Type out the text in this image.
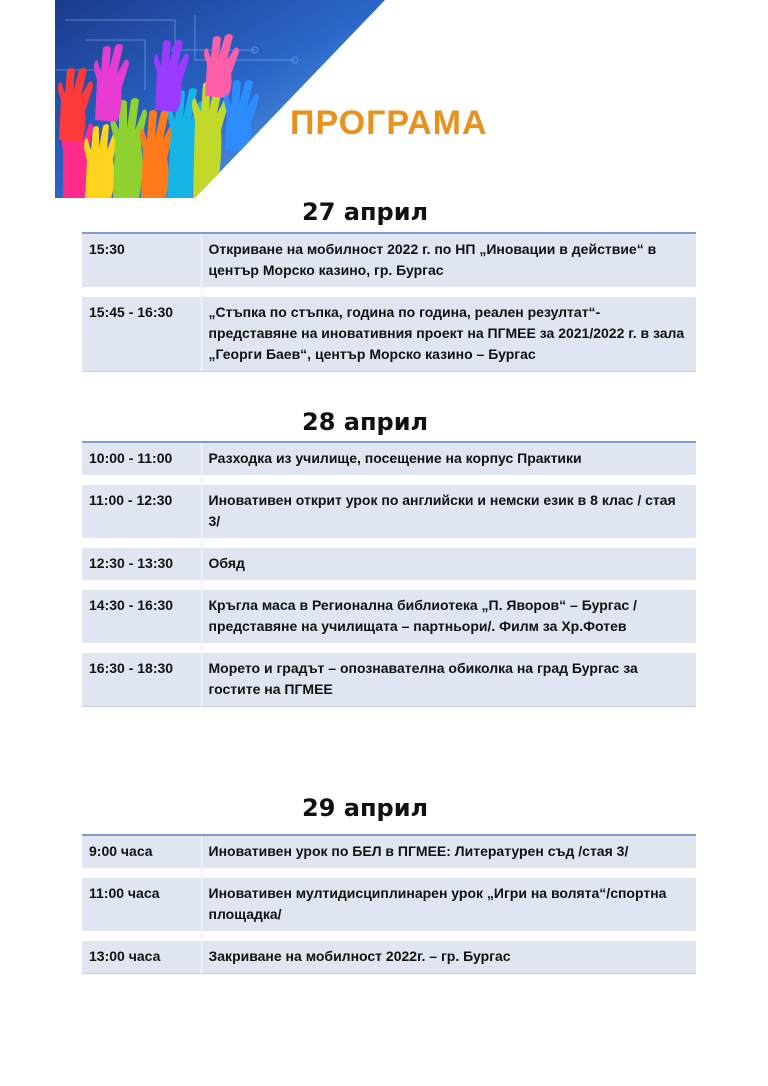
ПРОГРАМА
27 април
15:30	Откриване на мобилност 2022 г. по НП „Иновации в действие“ в център Морско казино, гр. Бургас

15:45 - 16:30	„Стъпка по стъпка, година по година, реален резултат“- представяне на иновативния проект на ПГМЕЕ за 2021/2022 г. в зала „Георги Баев“, център Морско казино – Бургас
28 април
10:00 - 11:00	Разходка из училище, посещение на корпус Практики

11:00 - 12:30	Иновативен открит урок по английски и немски език в 8 клас / стая 3/

12:30 - 13:30	Обяд

14:30 - 16:30	Кръгла маса в Регионална библиотека „П. Яворов“ – Бургас /представяне на училищата – партньори/. Филм за Хр.Фотев

16:30 - 18:30	Морето и градът – опознавателна обиколка на град Бургас за гостите на ПГМЕЕ
29 април
9:00 часа	Иновативен урок по БЕЛ в ПГМЕЕ: Литературен съд /стая 3/

11:00 часа	Иновативен мултидисциплинарен урок „Игри на волята“/спортна площадка/

13:00 часа	Закриване на мобилност 2022г. – гр. Бургас
